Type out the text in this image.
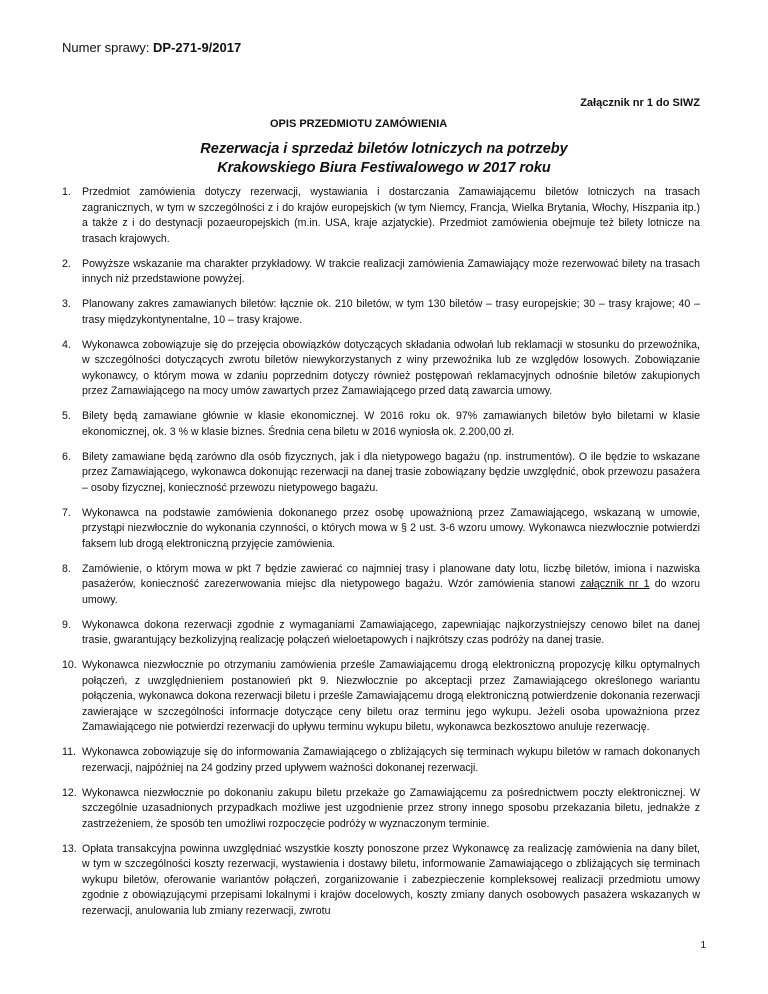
Numer sprawy: DP-271-9/2017
Załącznik nr 1 do SIWZ
OPIS PRZEDMIOTU ZAMÓWIENIA
Rezerwacja i sprzedaż biletów lotniczych na potrzeby
Krakowskiego Biura Festiwalowego w 2017 roku
1.	Przedmiot zamówienia dotyczy rezerwacji, wystawiania i dostarczania Zamawiającemu biletów lotniczych na trasach zagranicznych, w tym w szczególności z i do krajów europejskich (w tym Niemcy, Francja, Wielka Brytania, Włochy, Hiszpania itp.) a także z i do destynacji pozaeuropejskich (m.in. USA, kraje azjatyckie). Przedmiot zamówienia obejmuje też bilety lotnicze na trasach krajowych.
2.	Powyższe wskazanie ma charakter przykładowy. W trakcie realizacji zamówienia Zamawiający może rezerwować bilety na trasach innych niż przedstawione powyżej.
3.	Planowany zakres zamawianych biletów: łącznie ok. 210 biletów, w tym 130 biletów – trasy europejskie; 30 – trasy krajowe; 40 – trasy międzykontynentalne, 10 – trasy krajowe.
4.	Wykonawca zobowiązuje się do przejęcia obowiązków dotyczących składania odwołań lub reklamacji w stosunku do przewoźnika, w szczególności dotyczących zwrotu biletów niewykorzystanych z winy przewoźnika lub ze względów losowych. Zobowiązanie wykonawcy, o którym mowa w zdaniu poprzednim dotyczy również postępowań reklamacyjnych odnośnie biletów zakupionych przez Zamawiającego na mocy umów zawartych przez Zamawiającego przed datą zawarcia umowy.
5.	Bilety będą zamawiane głównie w klasie ekonomicznej. W 2016 roku ok. 97% zamawianych biletów było biletami w klasie ekonomicznej, ok. 3 % w klasie biznes. Średnia cena biletu w 2016 wyniosła ok. 2.200,00 zł.
6.	Bilety zamawiane będą zarówno dla osób fizycznych, jak i dla nietypowego bagażu (np. instrumentów). O ile będzie to wskazane przez Zamawiającego, wykonawca dokonując rezerwacji na danej trasie zobowiązany będzie uwzględnić, obok przewozu pasażera – osoby fizycznej, konieczność przewozu nietypowego bagażu.
7.	Wykonawca na podstawie zamówienia dokonanego przez osobę upoważnioną przez Zamawiającego, wskazaną w umowie, przystąpi niezwłocznie do wykonania czynności, o których mowa w § 2 ust. 3-6 wzoru umowy. Wykonawca niezwłocznie potwierdzi faksem lub drogą elektroniczną przyjęcie zamówienia.
8.	Zamówienie, o którym mowa w pkt 7 będzie zawierać co najmniej trasy i planowane daty lotu, liczbę biletów, imiona i nazwiska pasażerów, konieczność zarezerwowania miejsc dla nietypowego bagażu. Wzór zamówienia stanowi załącznik nr 1 do wzoru umowy.
9.	Wykonawca dokona rezerwacji zgodnie z wymaganiami Zamawiającego, zapewniając najkorzystniejszy cenowo bilet na danej trasie, gwarantujący bezkolizyjną realizację połączeń wieloetapowych i najkrótszy czas podróży na danej trasie.
10. Wykonawca niezwłocznie po otrzymaniu zamówienia prześle Zamawiającemu drogą elektroniczną propozycję kilku optymalnych połączeń, z uwzględnieniem postanowień pkt 9. Niezwłocznie po akceptacji przez Zamawiającego określonego wariantu połączenia, wykonawca dokona rezerwacji biletu i prześle Zamawiającemu drogą elektroniczną potwierdzenie dokonania rezerwacji zawierające w szczególności informacje dotyczące ceny biletu oraz terminu jego wykupu. Jeżeli osoba upoważniona przez Zamawiającego nie potwierdzi rezerwacji do upływu terminu wykupu biletu, wykonawca bezkosztowo anuluje rezerwację.
11. Wykonawca zobowiązuje się do informowania Zamawiającego o zbliżających się terminach wykupu biletów w ramach dokonanych rezerwacji, najpóźniej na 24 godziny przed upływem ważności dokonanej rezerwacji.
12. Wykonawca niezwłocznie po dokonaniu zakupu biletu przekaże go Zamawiającemu za pośrednictwem poczty elektronicznej. W szczególnie uzasadnionych przypadkach możliwe jest uzgodnienie przez strony innego sposobu przekazania biletu, jednakże z zastrzeżeniem, że sposób ten umożliwi rozpoczęcie podróży w wyznaczonym terminie.
13. Opłata transakcyjna powinna uwzględniać wszystkie koszty ponoszone przez Wykonawcę za realizację zamówienia na dany bilet, w tym w szczególności koszty rezerwacji, wystawienia i dostawy biletu, informowanie Zamawiającego o zbliżających się terminach wykupu biletów, oferowanie wariantów połączeń, zorganizowanie i zabezpieczenie kompleksowej realizacji przedmiotu umowy zgodnie z obowiązującymi przepisami lokalnymi i krajów docelowych, koszty zmiany danych osobowych pasażera wskazanych w rezerwacji, anulowania lub zmiany rezerwacji, zwrotu
1
